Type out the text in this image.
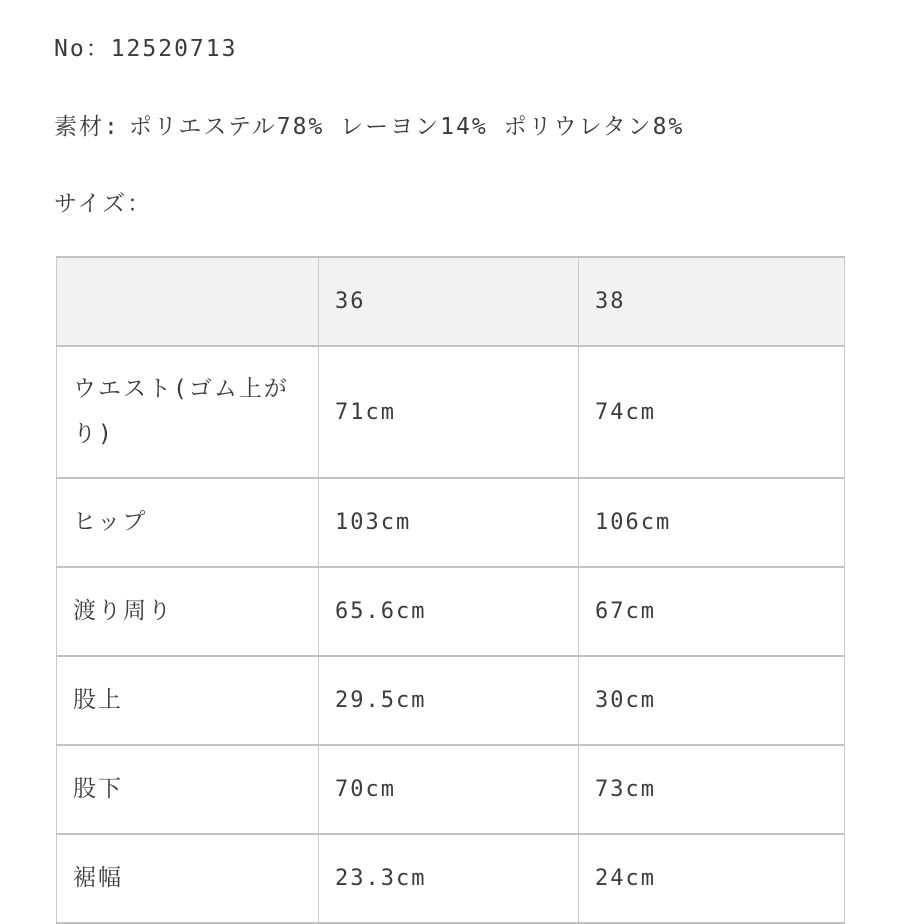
No：12520713
素材: ポリエステル78% レーヨン14% ポリウレタン8%
サイズ：
	36	38
ウエスト(ゴム上がり)	71cm	74cm
ヒップ	103cm	106cm
渡り周り	65.6cm	67cm
股上	29.5cm	30cm
股下	70cm	73cm
裾幅	23.3cm	24cm
